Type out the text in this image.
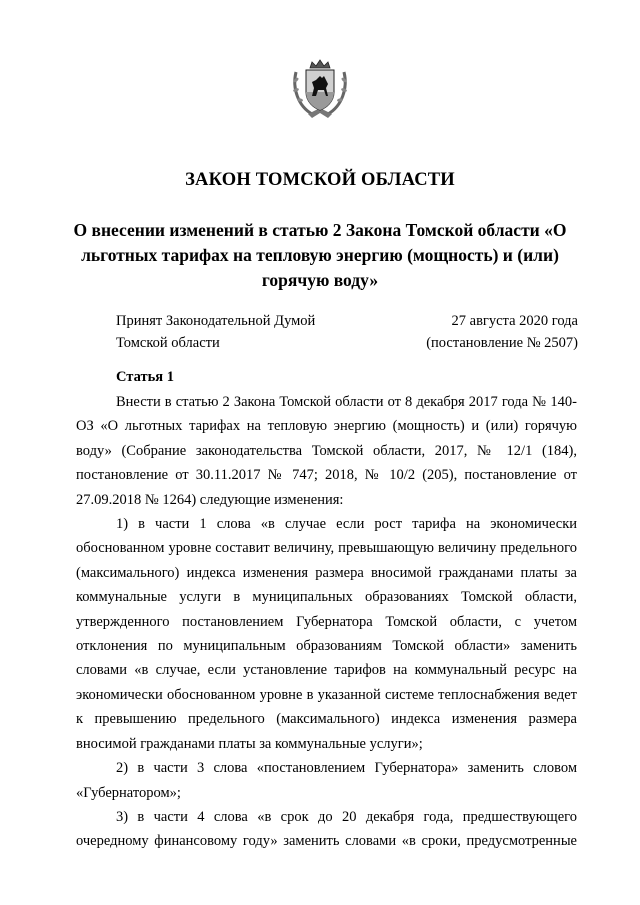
ЗАКОН ТОМСКОЙ ОБЛАСТИ
О внесении изменений в статью 2 Закона Томской области «О льготных тарифах на тепловую энергию (мощность) и (или) горячую воду»
Принят Законодательной Думой
Томской области
27 августа 2020 года
(постановление № 2507)
Статья 1

Внести в статью 2 Закона Томской области от 8 декабря 2017 года № 140-ОЗ «О льготных тарифах на тепловую энергию (мощность) и (или) горячую воду» (Собрание законодательства Томской области, 2017, № 12/1 (184), постановление от 30.11.2017 № 747; 2018, № 10/2 (205), постановление от 27.09.2018 № 1264) следующие изменения:

1) в части 1 слова «в случае если рост тарифа на экономически обоснованном уровне составит величину, превышающую величину предельного (максимального) индекса изменения размера вносимой гражданами платы за коммунальные услуги в муниципальных образованиях Томской области, утвержденного постановлением Губернатора Томской области, с учетом отклонения по муниципальным образованиям Томской области» заменить словами «в случае, если установление тарифов на коммунальный ресурс на экономически обоснованном уровне в указанной системе теплоснабжения ведет к превышению предельного (максимального) индекса изменения размера вносимой гражданами платы за коммунальные услуги»;

2) в части 3 слова «постановлением Губернатора» заменить словом «Губернатором»;

3) в части 4 слова «в срок до 20 декабря года, предшествующего очередному финансовому году» заменить словами «в сроки, предусмотренные
